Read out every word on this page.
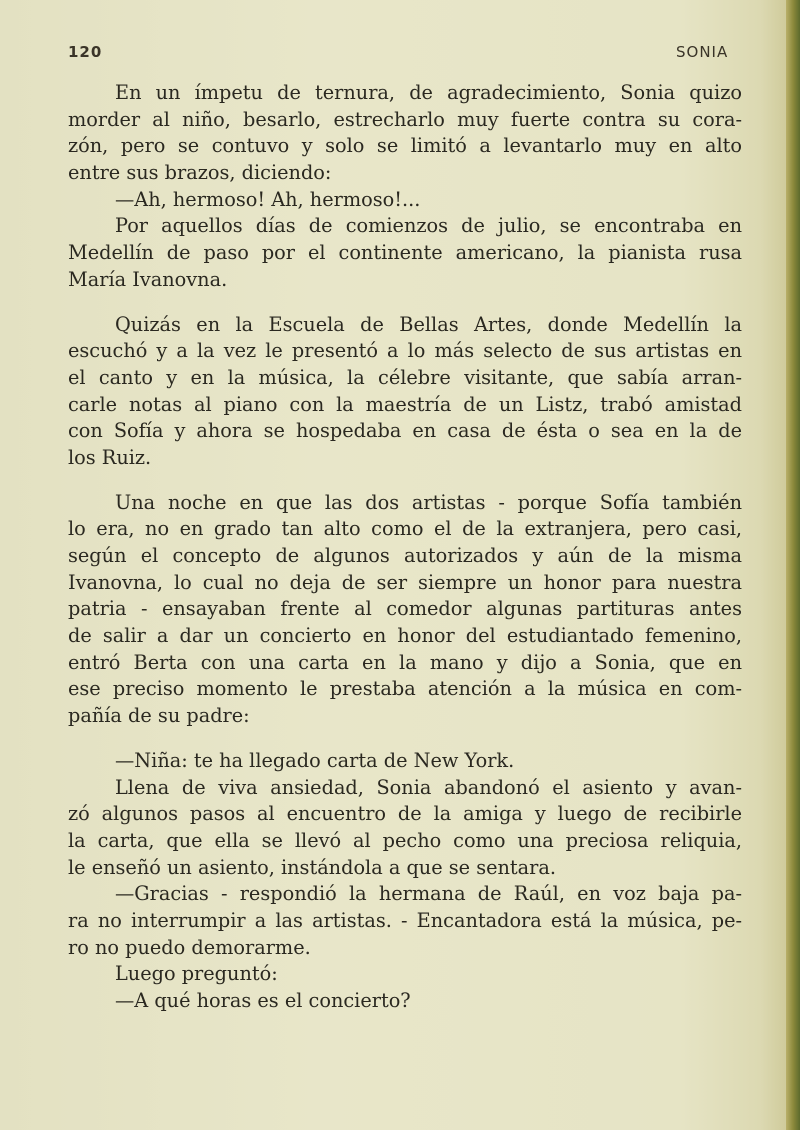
120	SONIA
En un ímpetu de ternura, de agradecimiento, Sonia quizo
morder al niño, besarlo, estrecharlo muy fuerte contra su cora-
zón, pero se contuvo y solo se limitó a levantarlo muy en alto
entre sus brazos, diciendo:
—Ah, hermoso! Ah, hermoso!...
Por aquellos días de comienzos de julio, se encontraba en
Medellín de paso por el continente americano, la pianista rusa
María Ivanovna.
Quizás en la Escuela de Bellas Artes, donde Medellín la
escuchó y a la vez le presentó a lo más selecto de sus artistas en
el canto y en la música, la célebre visitante, que sabía arran-
carle notas al piano con la maestría de un Listz, trabó amistad
con Sofía y ahora se hospedaba en casa de ésta o sea en la de
los Ruiz.
Una noche en que las dos artistas - porque Sofía también
lo era, no en grado tan alto como el de la extranjera, pero casi,
según el concepto de algunos autorizados y aún de la misma
Ivanovna, lo cual no deja de ser siempre un honor para nuestra
patria - ensayaban frente al comedor algunas partituras antes
de salir a dar un concierto en honor del estudiantado femenino,
entró Berta con una carta en la mano y dijo a Sonia, que en
ese preciso momento le prestaba atención a la música en com-
pañía de su padre:
—Niña: te ha llegado carta de New York.
Llena de viva ansiedad, Sonia abandonó el asiento y avan-
zó algunos pasos al encuentro de la amiga y luego de recibirle
la carta, que ella se llevó al pecho como una preciosa reliquia,
le enseñó un asiento, instándola a que se sentara.
—Gracias - respondió la hermana de Raúl, en voz baja pa-
ra no interrumpir a las artistas. - Encantadora está la música, pe-
ro no puedo demorarme.
Luego preguntó:
—A qué horas es el concierto?
